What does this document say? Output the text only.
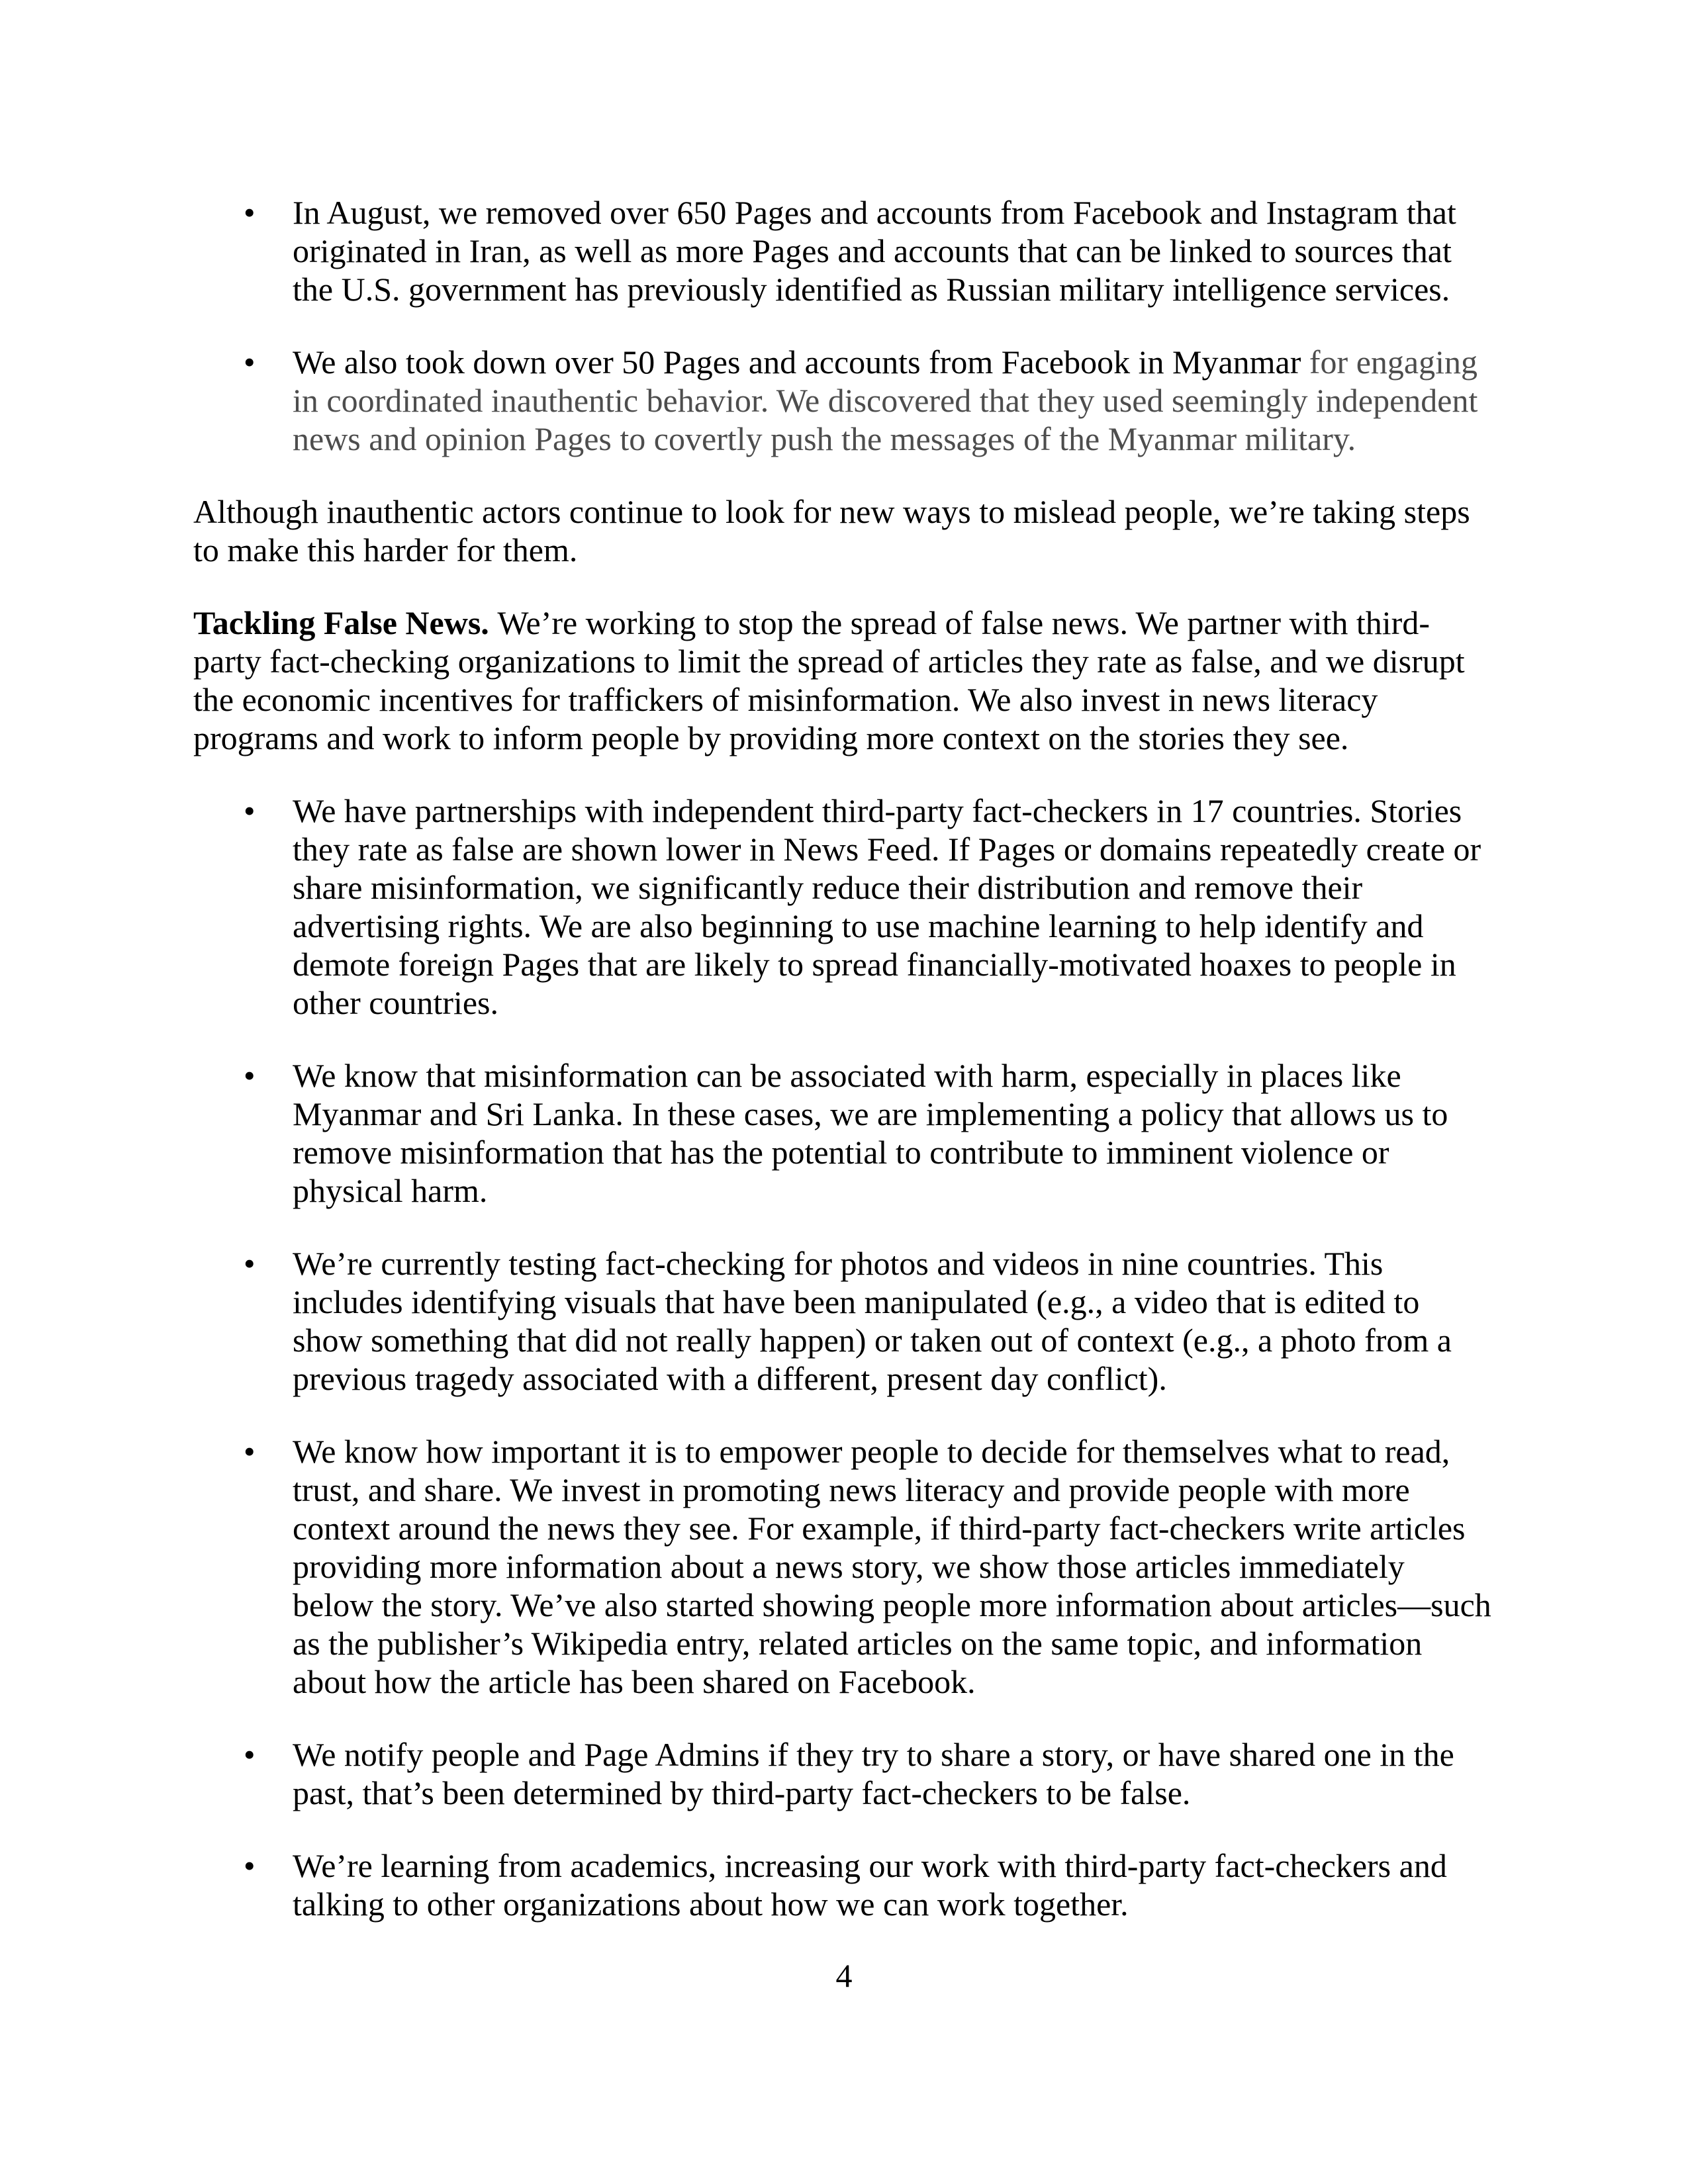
• In August, we removed over 650 Pages and accounts from Facebook and Instagram that originated in Iran, as well as more Pages and accounts that can be linked to sources that the U.S. government has previously identified as Russian military intelligence services.
• We also took down over 50 Pages and accounts from Facebook in Myanmar for engaging in coordinated inauthentic behavior. We discovered that they used seemingly independent news and opinion Pages to covertly push the messages of the Myanmar military.
Although inauthentic actors continue to look for new ways to mislead people, we’re taking steps to make this harder for them.
Tackling False News. We’re working to stop the spread of false news. We partner with third-party fact-checking organizations to limit the spread of articles they rate as false, and we disrupt the economic incentives for traffickers of misinformation. We also invest in news literacy programs and work to inform people by providing more context on the stories they see.
• We have partnerships with independent third-party fact-checkers in 17 countries. Stories they rate as false are shown lower in News Feed. If Pages or domains repeatedly create or share misinformation, we significantly reduce their distribution and remove their advertising rights. We are also beginning to use machine learning to help identify and demote foreign Pages that are likely to spread financially-motivated hoaxes to people in other countries.
• We know that misinformation can be associated with harm, especially in places like Myanmar and Sri Lanka. In these cases, we are implementing a policy that allows us to remove misinformation that has the potential to contribute to imminent violence or physical harm.
• We’re currently testing fact-checking for photos and videos in nine countries. This includes identifying visuals that have been manipulated (e.g., a video that is edited to show something that did not really happen) or taken out of context (e.g., a photo from a previous tragedy associated with a different, present day conflict).
• We know how important it is to empower people to decide for themselves what to read, trust, and share. We invest in promoting news literacy and provide people with more context around the news they see. For example, if third-party fact-checkers write articles providing more information about a news story, we show those articles immediately below the story. We’ve also started showing people more information about articles—such as the publisher’s Wikipedia entry, related articles on the same topic, and information about how the article has been shared on Facebook.
• We notify people and Page Admins if they try to share a story, or have shared one in the past, that’s been determined by third-party fact-checkers to be false.
• We’re learning from academics, increasing our work with third-party fact-checkers and talking to other organizations about how we can work together.
4
